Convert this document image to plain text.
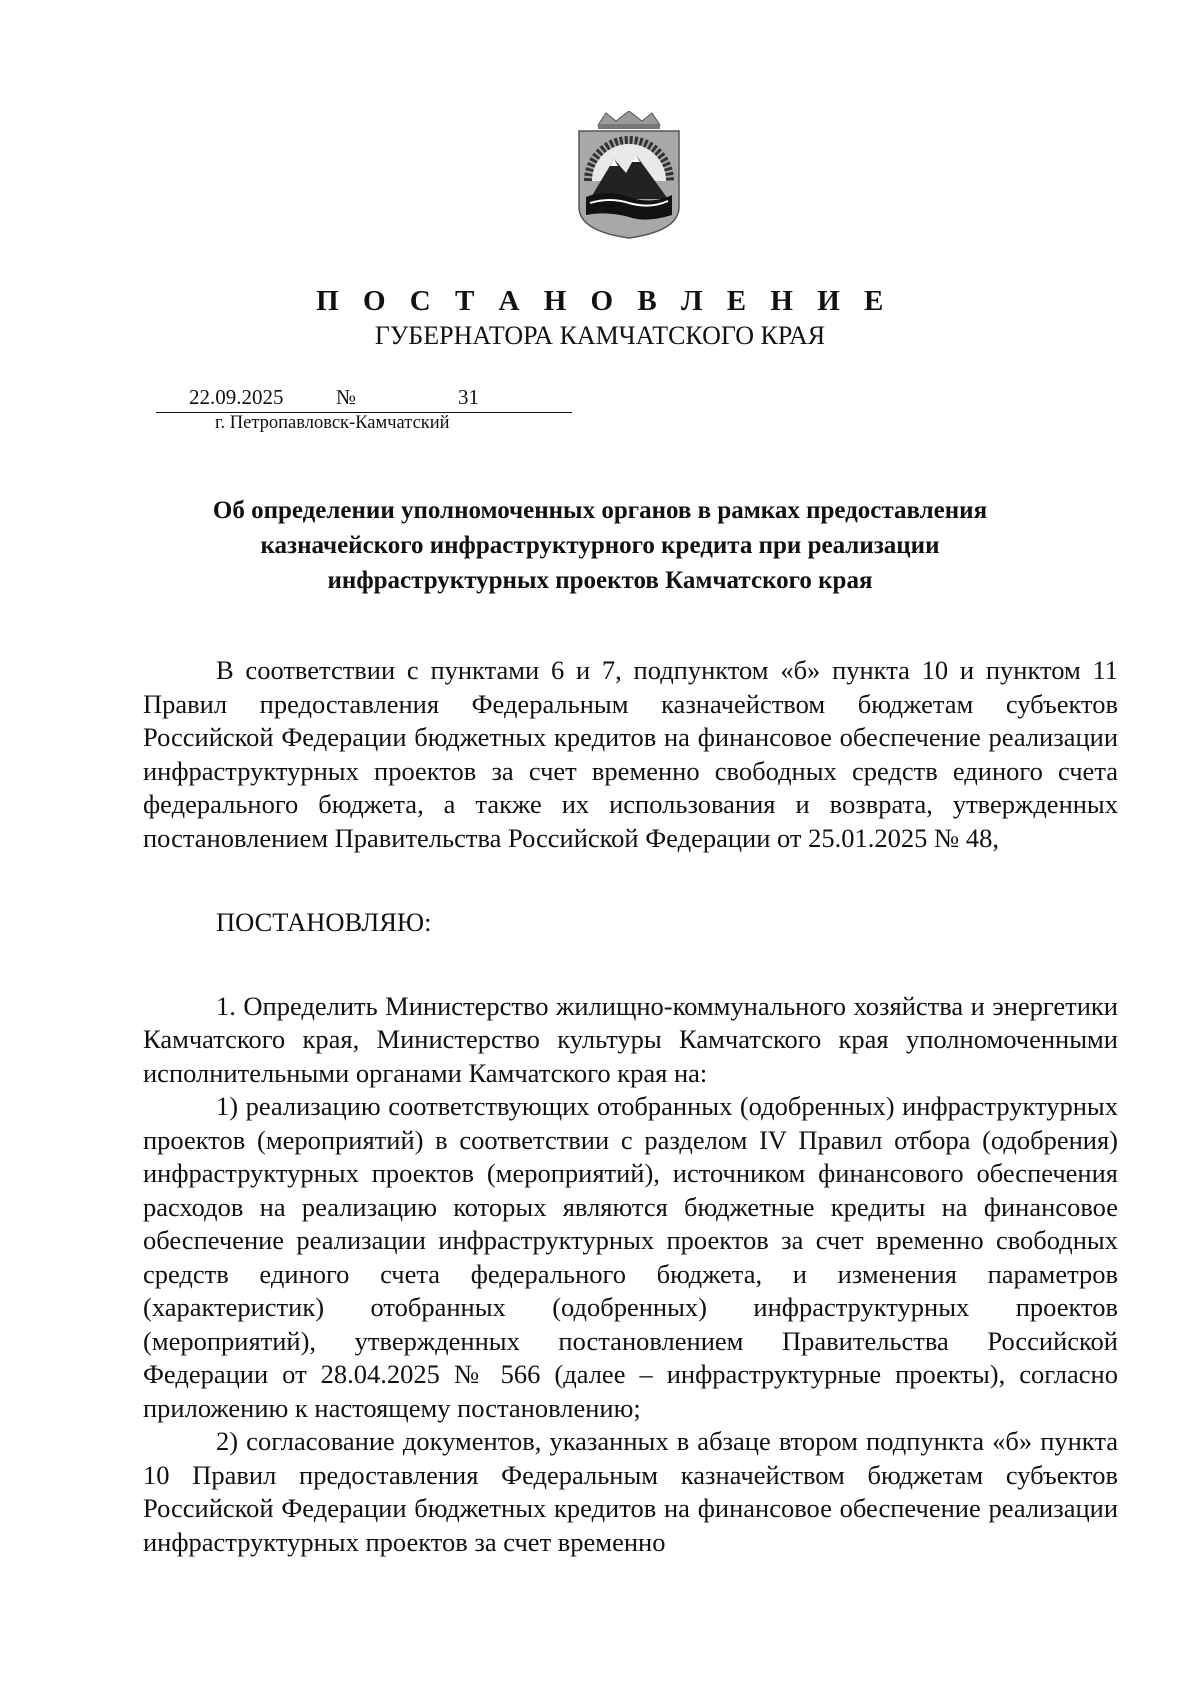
П О С Т А Н О В Л Е Н И Е
ГУБЕРНАТОРА КАМЧАТСКОГО КРАЯ
22.09.2025	№	31
г. Петропавловск-Камчатский
Об определении уполномоченных органов в рамках предоставления
казначейского инфраструктурного кредита при реализации
инфраструктурных проектов Камчатского края

В соответствии с пунктами 6 и 7, подпунктом «б» пункта 10 и пунктом 11 Правил предоставления Федеральным казначейством бюджетам субъектов Российской Федерации бюджетных кредитов на финансовое обеспечение реализации инфраструктурных проектов за счет временно свободных средств единого счета федерального бюджета, а также их использования и возврата, утвержденных постановлением Правительства Российской Федерации от 25.01.2025 № 48,

ПОСТАНОВЛЯЮ:

1. Определить Министерство жилищно-коммунального хозяйства и энергетики Камчатского края, Министерство культуры Камчатского края уполномоченными исполнительными органами Камчатского края на:

1) реализацию соответствующих отобранных (одобренных) инфраструктурных проектов (мероприятий) в соответствии с разделом IV Правил отбора (одобрения) инфраструктурных проектов (мероприятий), источником финансового обеспечения расходов на реализацию которых являются бюджетные кредиты на финансовое обеспечение реализации инфраструктурных проектов за счет временно свободных средств единого счета федерального бюджета, и изменения параметров (характеристик) отобранных (одобренных) инфраструктурных проектов (мероприятий), утвержденных постановлением Правительства Российской Федерации от 28.04.2025 № 566 (далее – инфраструктурные проекты), согласно приложению к настоящему постановлению;

2) согласование документов, указанных в абзаце втором подпункта «б» пункта 10 Правил предоставления Федеральным казначейством бюджетам субъектов Российской Федерации бюджетных кредитов на финансовое обеспечение реализации инфраструктурных проектов за счет временно
